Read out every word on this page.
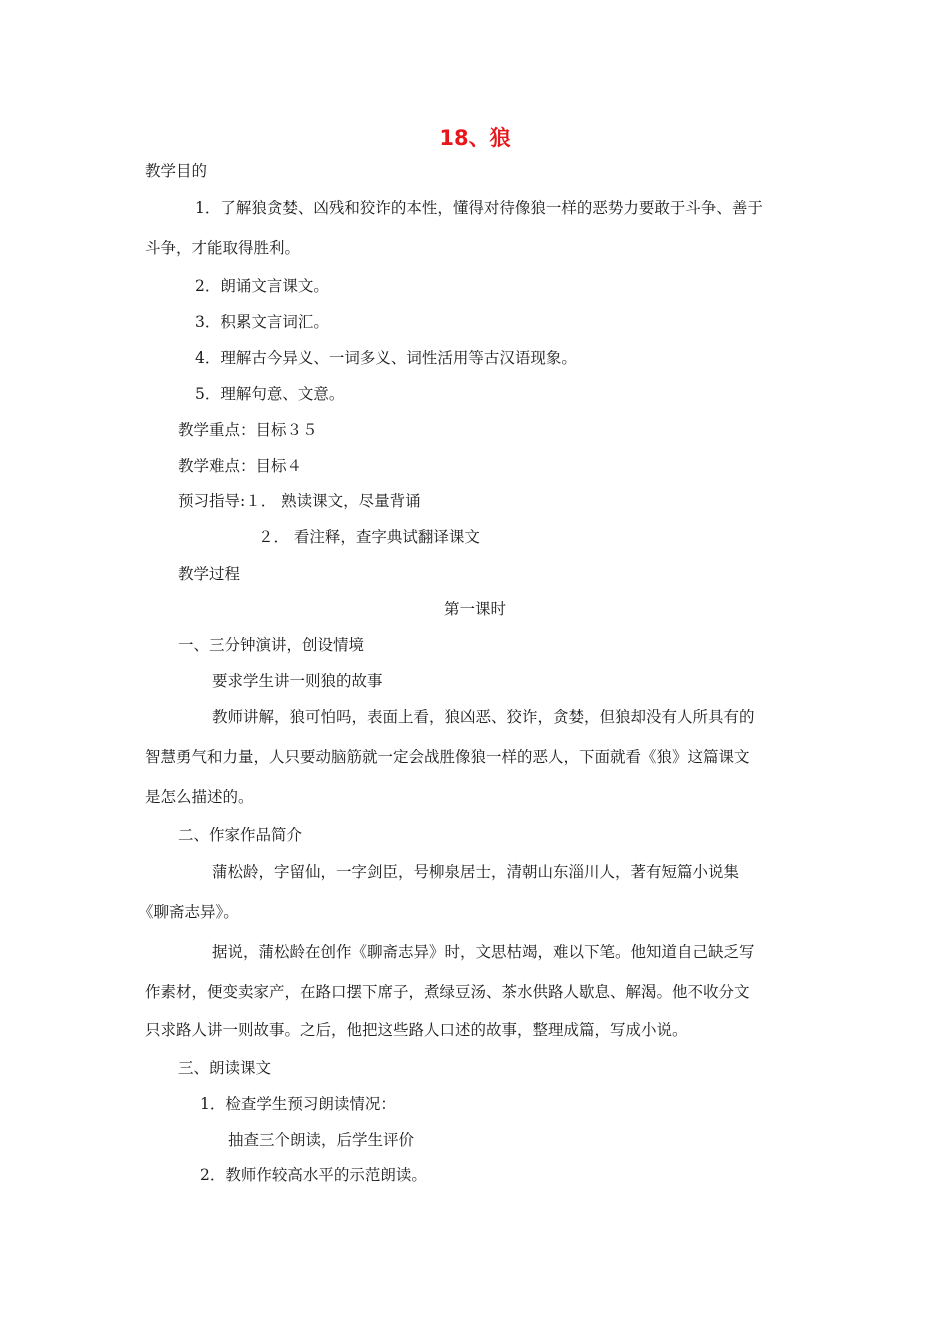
18、狼
教学目的
1．了解狼贪婪、凶残和狡诈的本性，懂得对待像狼一样的恶势力要敢于斗争、善于
斗争，才能取得胜利。
2．朗诵文言课文。
3．积累文言词汇。
4．理解古今异义、一词多义、词性活用等古汉语现象。
5．理解句意、文意。
教学重点：目标３５
教学难点：目标４
预习指导:１． 熟读课文，尽量背诵
２． 看注释，查字典试翻译课文
教学过程
第一课时
一、三分钟演讲，创设情境
要求学生讲一则狼的故事
教师讲解，狼可怕吗，表面上看，狼凶恶、狡诈，贪婪，但狼却没有人所具有的
智慧勇气和力量，人只要动脑筋就一定会战胜像狼一样的恶人，下面就看《狼》这篇课文
是怎么描述的。
二、作家作品简介
蒲松龄，字留仙，一字剑臣，号柳泉居士，清朝山东淄川人，著有短篇小说集
《聊斋志异》。
据说，蒲松龄在创作《聊斋志异》时，文思枯竭，难以下笔。他知道自己缺乏写
作素材，便变卖家产，在路口摆下席子，煮绿豆汤、茶水供路人歇息、解渴。他不收分文
只求路人讲一则故事。之后，他把这些路人口述的故事，整理成篇，写成小说。
三、朗读课文
1．检查学生预习朗读情况：
抽查三个朗读，后学生评价
2．教师作较高水平的示范朗读。
